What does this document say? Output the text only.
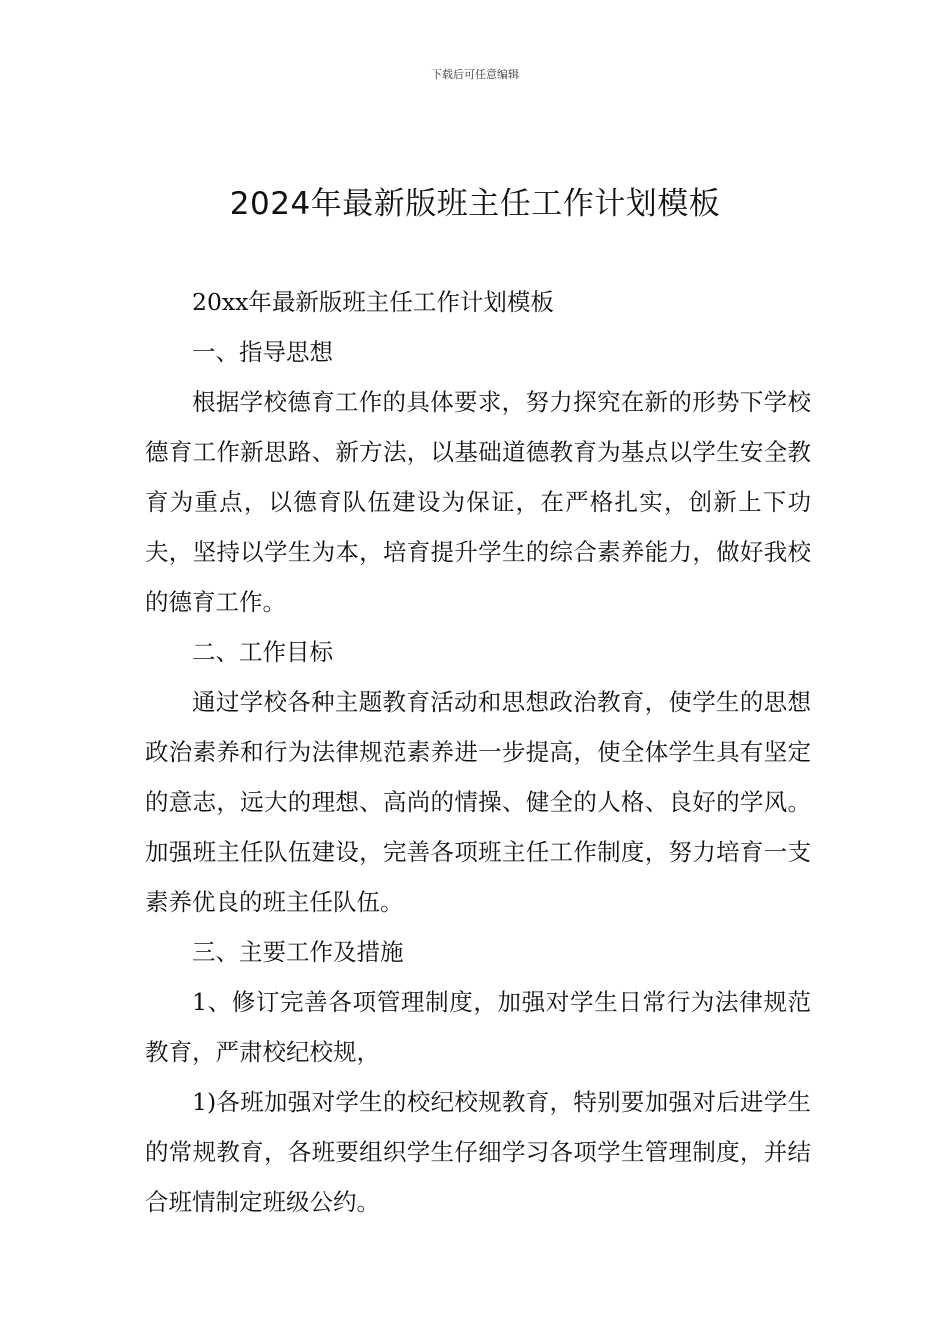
下载后可任意编辑
2024年最新版班主任工作计划模板

20xx年最新版班主任工作计划模板

一、指导思想

根据学校德育工作的具体要求，努力探究在新的形势下学校德育工作新思路、新方法，以基础道德教育为基点以学生安全教育为重点，以德育队伍建设为保证，在严格扎实，创新上下功夫，坚持以学生为本，培育提升学生的综合素养能力，做好我校的德育工作。

二、工作目标

通过学校各种主题教育活动和思想政治教育，使学生的思想政治素养和行为法律规范素养进一步提高，使全体学生具有坚定的意志，远大的理想、高尚的情操、健全的人格、良好的学风。加强班主任队伍建设，完善各项班主任工作制度，努力培育一支素养优良的班主任队伍。

三、主要工作及措施

1、修订完善各项管理制度，加强对学生日常行为法律规范教育，严肃校纪校规，

1)各班加强对学生的校纪校规教育，特别要加强对后进学生的常规教育，各班要组织学生仔细学习各项学生管理制度，并结合班情制定班级公约。
